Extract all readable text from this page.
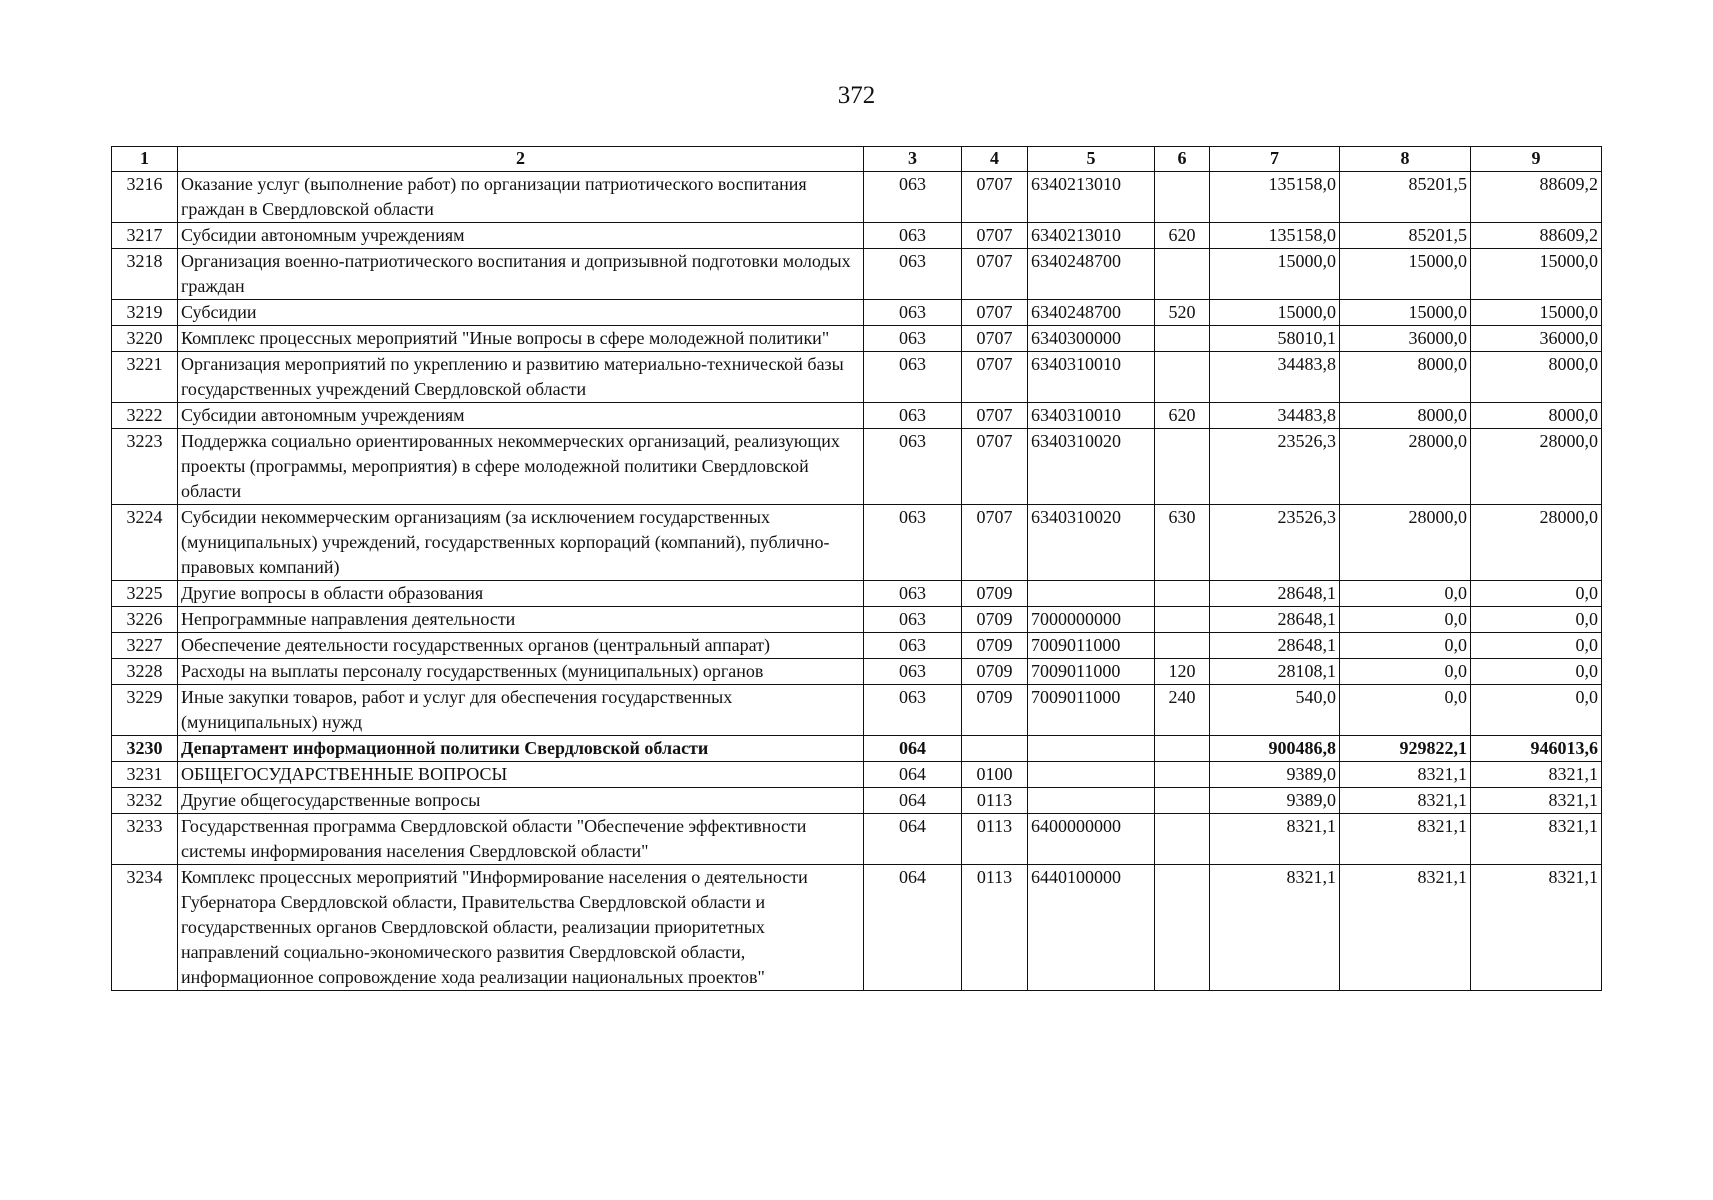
372
1	2	3	4	5	6	7	8	9
3216	Оказание услуг (выполнение работ) по организации патриотического воспитания граждан в Свердловской области	063	0707	6340213010		135158,0	85201,5	88609,2
3217	Субсидии автономным учреждениям	063	0707	6340213010	620	135158,0	85201,5	88609,2
3218	Организация военно-патриотического воспитания и допризывной подготовки молодых граждан	063	0707	6340248700		15000,0	15000,0	15000,0
3219	Субсидии	063	0707	6340248700	520	15000,0	15000,0	15000,0
3220	Комплекс процессных мероприятий "Иные вопросы в сфере молодежной политики"	063	0707	6340300000		58010,1	36000,0	36000,0
3221	Организация мероприятий по укреплению и развитию материально-технической базы государственных учреждений Свердловской области	063	0707	6340310010		34483,8	8000,0	8000,0
3222	Субсидии автономным учреждениям	063	0707	6340310010	620	34483,8	8000,0	8000,0
3223	Поддержка социально ориентированных некоммерческих организаций, реализующих проекты (программы, мероприятия) в сфере молодежной политики Свердловской области	063	0707	6340310020		23526,3	28000,0	28000,0
3224	Субсидии некоммерческим организациям (за исключением государственных (муниципальных) учреждений, государственных корпораций (компаний), публично-правовых компаний)	063	0707	6340310020	630	23526,3	28000,0	28000,0
3225	Другие вопросы в области образования	063	0709			28648,1	0,0	0,0
3226	Непрограммные направления деятельности	063	0709	7000000000		28648,1	0,0	0,0
3227	Обеспечение деятельности государственных органов (центральный аппарат)	063	0709	7009011000		28648,1	0,0	0,0
3228	Расходы на выплаты персоналу государственных (муниципальных) органов	063	0709	7009011000	120	28108,1	0,0	0,0
3229	Иные закупки товаров, работ и услуг для обеспечения государственных (муниципальных) нужд	063	0709	7009011000	240	540,0	0,0	0,0
3230	Департамент информационной политики Свердловской области	064				900486,8	929822,1	946013,6
3231	ОБЩЕГОСУДАРСТВЕННЫЕ ВОПРОСЫ	064	0100			9389,0	8321,1	8321,1
3232	Другие общегосударственные вопросы	064	0113			9389,0	8321,1	8321,1
3233	Государственная программа Свердловской области "Обеспечение эффективности системы информирования населения Свердловской области"	064	0113	6400000000		8321,1	8321,1	8321,1
3234	Комплекс процессных мероприятий "Информирование населения о деятельности Губернатора Свердловской области, Правительства Свердловской области и государственных органов Свердловской области, реализации приоритетных направлений социально-экономического развития Свердловской области, информационное сопровождение хода реализации национальных проектов"	064	0113	6440100000		8321,1	8321,1	8321,1
